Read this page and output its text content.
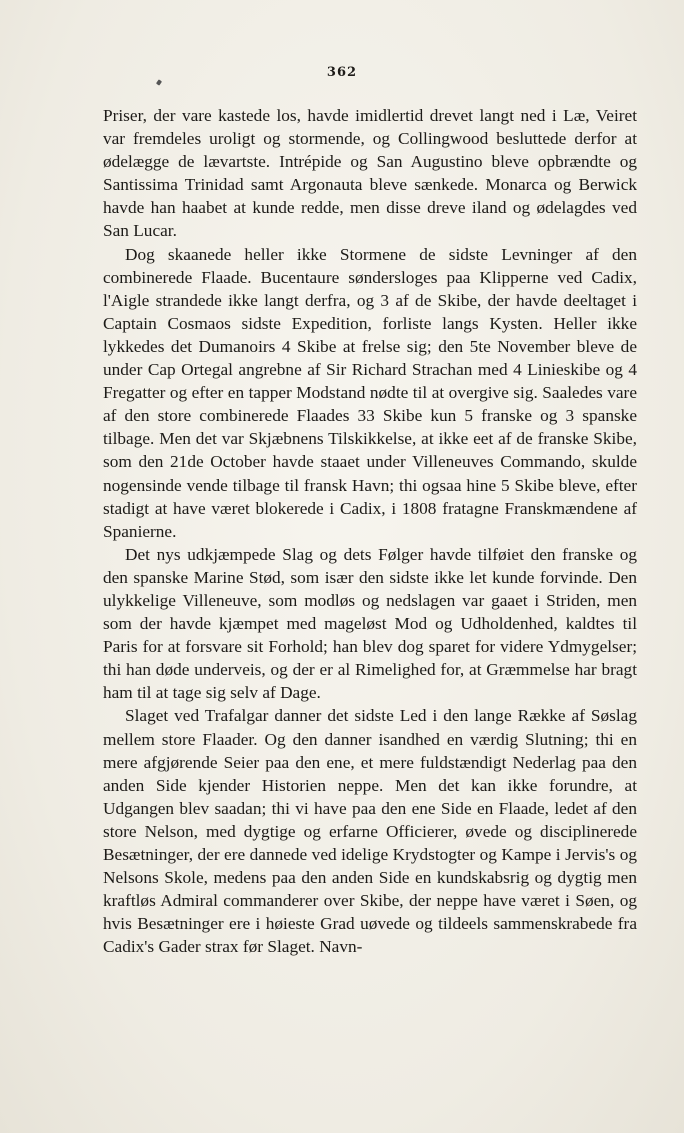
362

Priser, der vare kastede los, havde imidlertid drevet langt ned i Læ, Veiret var fremdeles uroligt og stormende, og Collingwood besluttede derfor at ødelægge de lævartste. Intrépide og San Augustino bleve opbrændte og Santissima Trinidad samt Argonauta bleve sænkede. Monarca og Berwick havde han haabet at kunde redde, men disse dreve iland og ødelagdes ved San Lucar.

Dog skaanede heller ikke Stormene de sidste Levninger af den combinerede Flaade. Bucentaure søndersloges paa Klipperne ved Cadix, l'Aigle strandede ikke langt derfra, og 3 af de Skibe, der havde deeltaget i Captain Cosmaos sidste Expedition, forliste langs Kysten. Heller ikke lykkedes det Dumanoirs 4 Skibe at frelse sig; den 5te November bleve de under Cap Ortegal angrebne af Sir Richard Strachan med 4 Linieskibe og 4 Fregatter og efter en tapper Modstand nødte til at overgive sig. Saaledes vare af den store combinerede Flaades 33 Skibe kun 5 franske og 3 spanske tilbage. Men det var Skjæbnens Tilskikkelse, at ikke eet af de franske Skibe, som den 21de October havde staaet under Villeneuves Commando, skulde nogensinde vende tilbage til fransk Havn; thi ogsaa hine 5 Skibe bleve, efter stadigt at have været blokerede i Cadix, i 1808 fratagne Franskmændene af Spanierne.

Det nys udkjæmpede Slag og dets Følger havde tilføiet den franske og den spanske Marine Stød, som især den sidste ikke let kunde forvinde. Den ulykkelige Villeneuve, som modløs og nedslagen var gaaet i Striden, men som der havde kjæmpet med mageløst Mod og Udholdenhed, kaldtes til Paris for at forsvare sit Forhold; han blev dog sparet for videre Ydmygelser; thi han døde underveis, og der er al Rimelighed for, at Græmmelse har bragt ham til at tage sig selv af Dage.

Slaget ved Trafalgar danner det sidste Led i den lange Række af Søslag mellem store Flaader. Og den danner isandhed en værdig Slutning; thi en mere afgjørende Seier paa den ene, et mere fuldstændigt Nederlag paa den anden Side kjender Historien neppe. Men det kan ikke forundre, at Udgangen blev saadan; thi vi have paa den ene Side en Flaade, ledet af den store Nelson, med dygtige og erfarne Officierer, øvede og disciplinerede Besætninger, der ere dannede ved idelige Krydstogter og Kampe i Jervis's og Nelsons Skole, medens paa den anden Side en kundskabsrig og dygtig men kraftløs Admiral commanderer over Skibe, der neppe have været i Søen, og hvis Besætninger ere i høieste Grad uøvede og tildeels sammenskrabede fra Cadix's Gader strax før Slaget. Navn-
